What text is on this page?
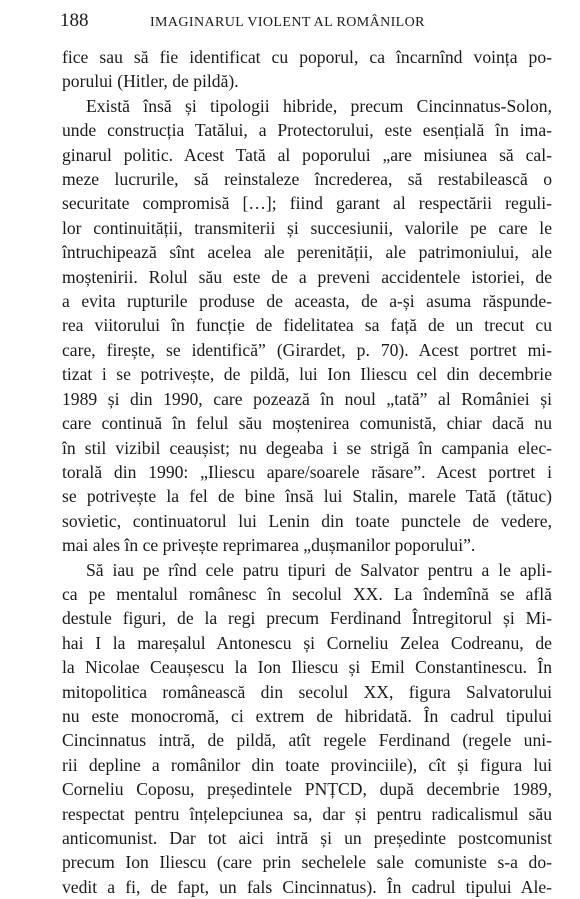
188	IMAGINARUL VIOLENT AL ROMÂNILOR
fice sau să fie identificat cu poporul, ca încarnînd voința po-
porului (Hitler, de pildă).
Există însă și tipologii hibride, precum Cincinnatus-Solon,
unde construcția Tatălui, a Protectorului, este esențială în ima-
ginarul politic. Acest Tată al poporului „are misiunea să cal-
meze lucrurile, să reinstaleze încrederea, să restabilească o
securitate compromisă […]; fiind garant al respectării reguli-
lor continuității, transmiterii și succesiunii, valorile pe care le
întruchipează sînt acelea ale perenității, ale patrimoniului, ale
moștenirii. Rolul său este de a preveni accidentele istoriei, de
a evita rupturile produse de aceasta, de a-și asuma răspunde-
rea viitorului în funcție de fidelitatea sa față de un trecut cu
care, firește, se identifică” (Girardet, p. 70). Acest portret mi-
tizat i se potrivește, de pildă, lui Ion Iliescu cel din decembrie
1989 și din 1990, care pozează în noul „tată” al României și
care continuă în felul său moștenirea comunistă, chiar dacă nu
în stil vizibil ceaușist; nu degeaba i se strigă în campania elec-
torală din 1990: „Iliescu apare/soarele răsare”. Acest portret i
se potrivește la fel de bine însă lui Stalin, marele Tată (tătuc)
sovietic, continuatorul lui Lenin din toate punctele de vedere,
mai ales în ce privește reprimarea „dușmanilor poporului”.
Să iau pe rînd cele patru tipuri de Salvator pentru a le apli-
ca pe mentalul românesc în secolul XX. La îndemînă se află
destule figuri, de la regi precum Ferdinand Întregitorul și Mi-
hai I la mareșalul Antonescu și Corneliu Zelea Codreanu, de
la Nicolae Ceaușescu la Ion Iliescu și Emil Constantinescu. În
mitopolitica românească din secolul XX, figura Salvatorului
nu este monocromă, ci extrem de hibridată. În cadrul tipului
Cincinnatus intră, de pildă, atît regele Ferdinand (regele uni-
rii depline a românilor din toate provinciile), cît și figura lui
Corneliu Coposu, președintele PNȚCD, după decembrie 1989,
respectat pentru înțelepciunea sa, dar și pentru radicalismul său
anticomunist. Dar tot aici intră și un președinte postcomunist
precum Ion Iliescu (care prin sechelele sale comuniste s-a do-
vedit a fi, de fapt, un fals Cincinnatus). În cadrul tipului Ale-
